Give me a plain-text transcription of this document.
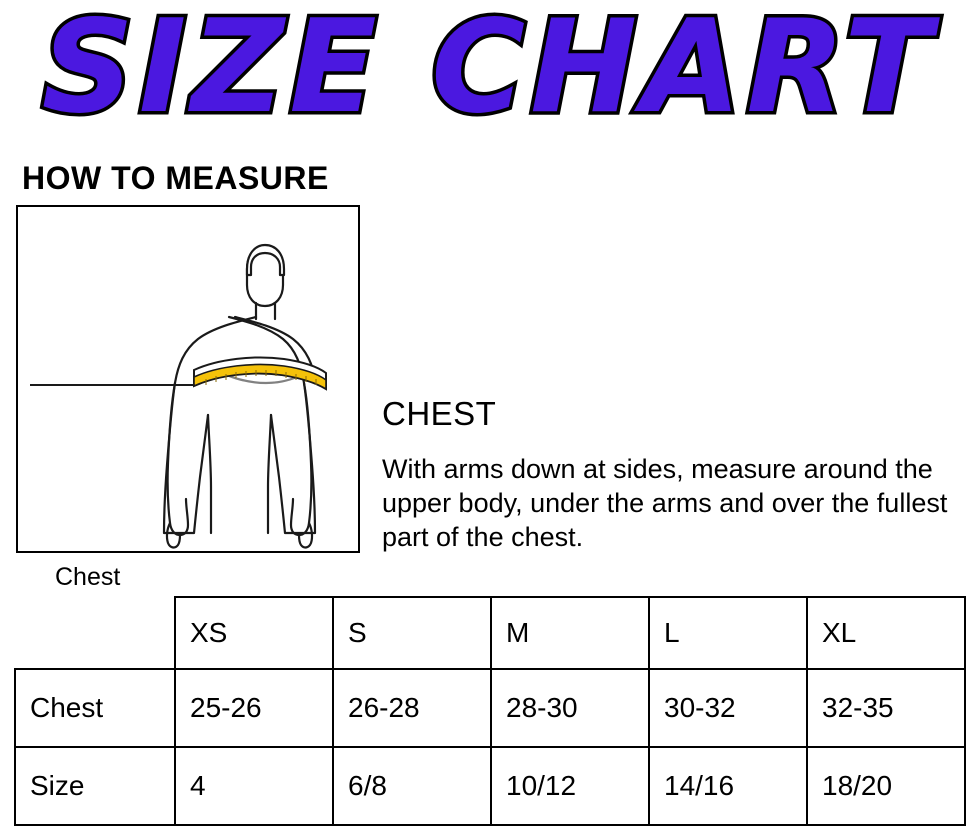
SIZE CHART
HOW TO MEASURE
Chest
CHEST
With arms down at sides, measure around the upper body, under the arms and over the fullest part of the chest.
	XS	S	M	L	XL
Chest	25-26	26-28	28-30	30-32	32-35
Size	4	6/8	10/12	14/16	18/20
